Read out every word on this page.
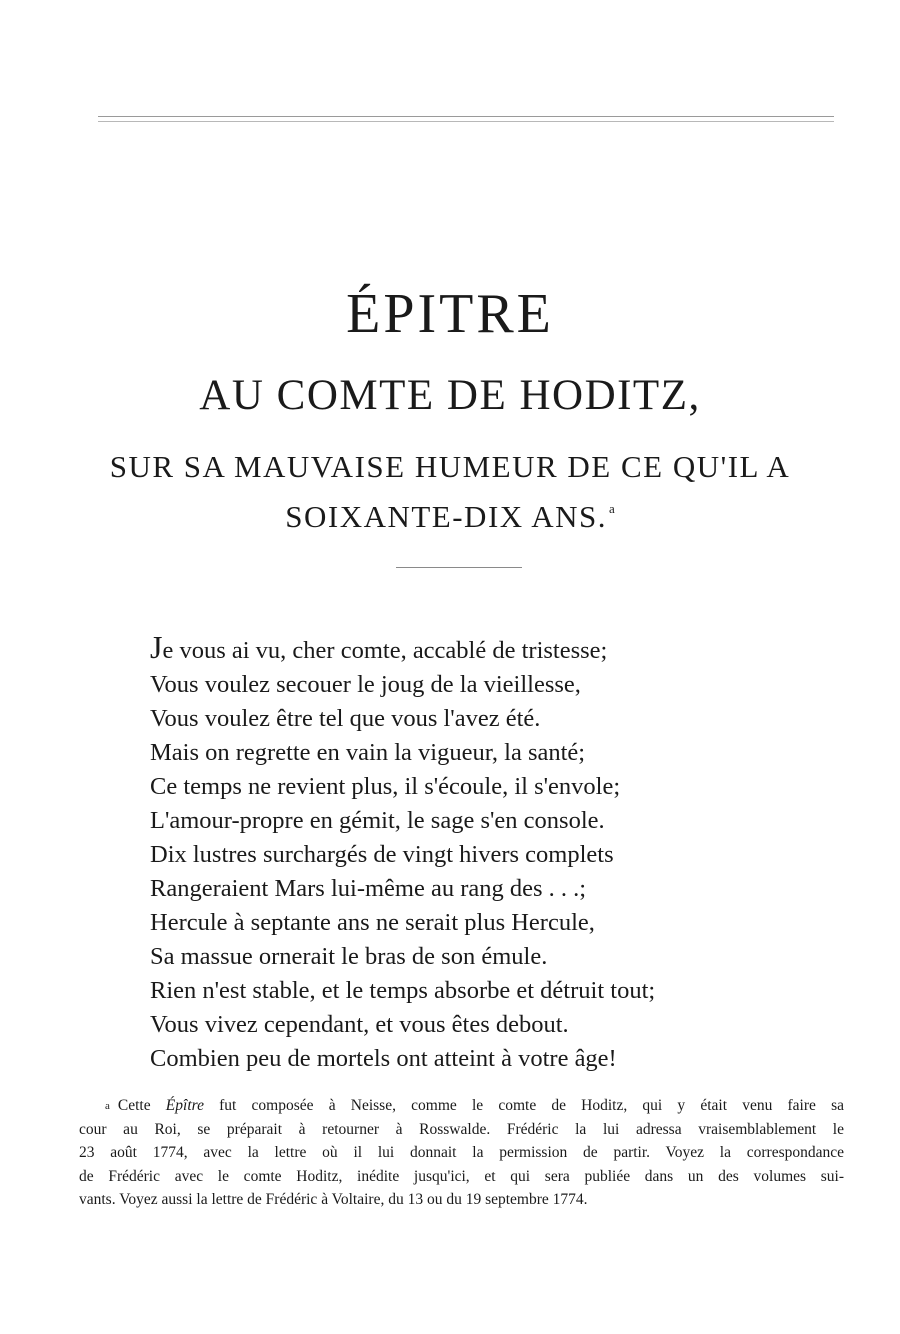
ÉPITRE
AU COMTE DE HODITZ,
SUR SA MAUVAISE HUMEUR DE CE QU'IL A
SOIXANTE-DIX ANS. $^a$
Je vous ai vu, cher comte, accablé de tristesse;
Vous voulez secouer le joug de la vieillesse,
Vous voulez être tel que vous l'avez été.
Mais on regrette en vain la vigueur, la santé;
Ce temps ne revient plus, il s'écoule, il s'envole;
L'amour-propre en gémit, le sage s'en console.
Dix lustres surchargés de vingt hivers complets
Rangeraient Mars lui-même au rang des . . .;
Hercule à septante ans ne serait plus Hercule,
Sa massue ornerait le bras de son émule.
Rien n'est stable, et le temps absorbe et détruit tout;
Vous vivez cependant, et vous êtes debout.
Combien peu de mortels ont atteint à votre âge!
a Cette Épître fut composée à Neisse, comme le comte de Hoditz, qui y était venu faire sa
cour au Roi, se préparait à retourner à Rosswalde. Frédéric la lui adressa vraisemblablement le
23 août 1774, avec la lettre où il lui donnait la permission de partir. Voyez la correspondance
de Frédéric avec le comte Hoditz, inédite jusqu'ici, et qui sera publiée dans un des volumes sui-
vants. Voyez aussi la lettre de Frédéric à Voltaire, du 13 ou du 19 septembre 1774.
